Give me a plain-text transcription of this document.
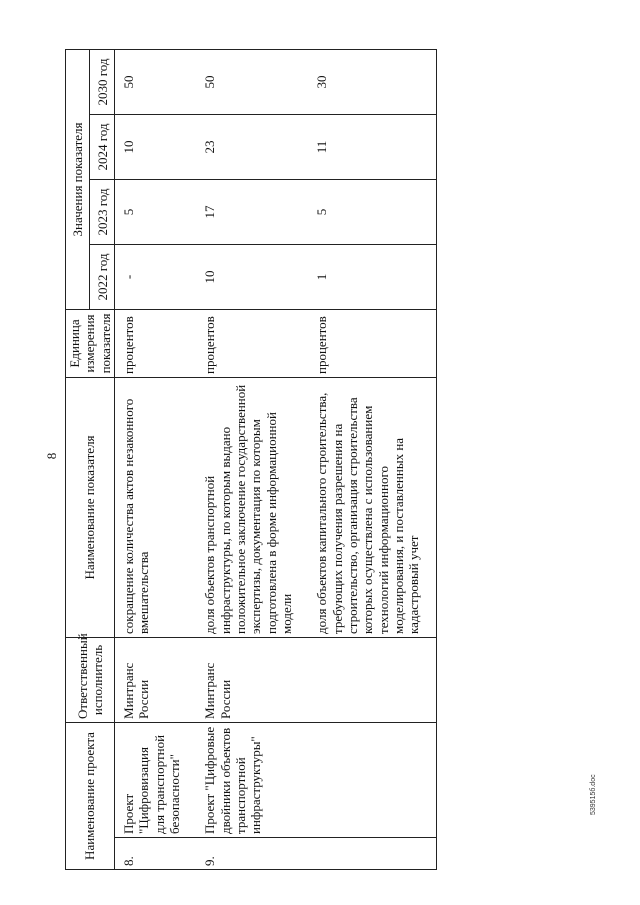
8
Наименование проекта		Ответственный исполнитель	Наименование показателя	Единица измерения показателя	Значения показателя			
					2022 год	2023 год	2024 год	2030 год
8.	Проект "Цифровизация для транспортной безопасности"	Минтранс России	сокращение количества актов незаконного вмешательства	процентов	-	5	10	50
9.	Проект "Цифровые двойники объектов транспортной инфраструктуры"	Минтранс России	доля объектов транспортной инфраструктуры, по которым выдано положительное заключение государственной экспертизы, документация по которым подготовлена в форме информационной модели	процентов	10	17	23	50
			доля объектов капитального строительства, требующих получения разрешения на строительство, организация строительства которых осуществлена с использованием технологий информационного моделирования, и поставленных на кадастровый учет	процентов	1	5	11	30
539515б.doc
